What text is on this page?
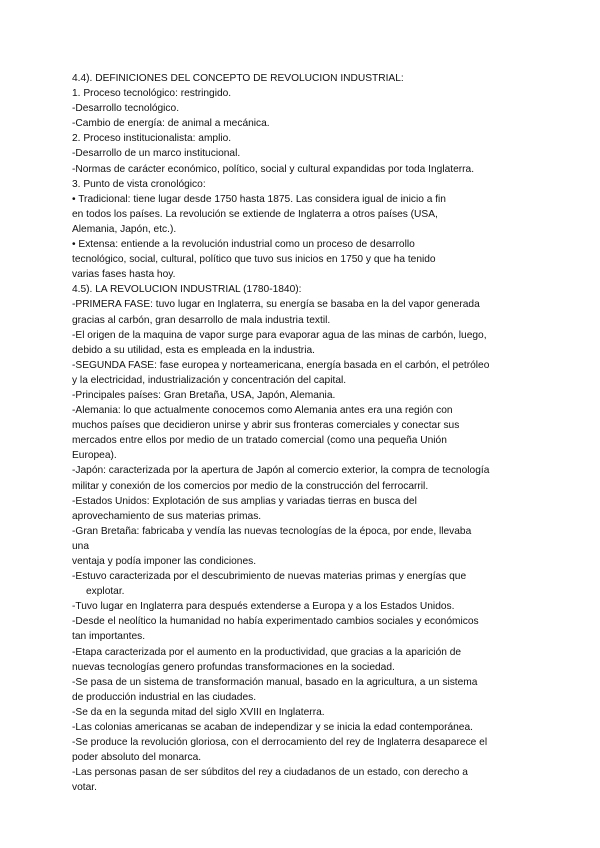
4.4). DEFINICIONES DEL CONCEPTO DE REVOLUCION INDUSTRIAL:
1. Proceso tecnológico: restringido.
-Desarrollo tecnológico.
-Cambio de energía: de animal a mecánica.
2. Proceso institucionalista: amplio.
-Desarrollo de un marco institucional.
-Normas de carácter económico, político, social y cultural expandidas por toda Inglaterra.
3. Punto de vista cronológico:
• Tradicional: tiene lugar desde 1750 hasta 1875. Las considera igual de inicio a fin
en todos los países. La revolución se extiende de Inglaterra a otros países (USA,
Alemania, Japón, etc.).
• Extensa: entiende a la revolución industrial como un proceso de desarrollo
tecnológico, social, cultural, político que tuvo sus inicios en 1750 y que ha tenido
varias fases hasta hoy.
4.5). LA REVOLUCION INDUSTRIAL (1780-1840):
-PRIMERA FASE: tuvo lugar en Inglaterra, su energía se basaba en la del vapor generada
gracias al carbón, gran desarrollo de mala industria textil.
-El origen de la maquina de vapor surge para evaporar agua de las minas de carbón, luego,
debido a su utilidad, esta es empleada en la industria.
-SEGUNDA FASE: fase europea y norteamericana, energía basada en el carbón, el petróleo
y la electricidad, industrialización y concentración del capital.
-Principales países: Gran Bretaña, USA, Japón, Alemania.
-Alemania: lo que actualmente conocemos como Alemania antes era una región con
muchos países que decidieron unirse y abrir sus fronteras comerciales y conectar sus
mercados entre ellos por medio de un tratado comercial (como una pequeña Unión
Europea).
-Japón: caracterizada por la apertura de Japón al comercio exterior, la compra de tecnología
militar y conexión de los comercios por medio de la construcción del ferrocarril.
-Estados Unidos: Explotación de sus amplias y variadas tierras en busca del
aprovechamiento de sus materias primas.
-Gran Bretaña: fabricaba y vendía las nuevas tecnologías de la época, por ende, llevaba
una
ventaja y podía imponer las condiciones.
-Estuvo caracterizada por el descubrimiento de nuevas materias primas y energías que
explotar.
-Tuvo lugar en Inglaterra para después extenderse a Europa y a los Estados Unidos.
-Desde el neolítico la humanidad no había experimentado cambios sociales y económicos
tan importantes.
-Etapa caracterizada por el aumento en la productividad, que gracias a la aparición de
nuevas tecnologías genero profundas transformaciones en la sociedad.
-Se pasa de un sistema de transformación manual, basado en la agricultura, a un sistema
de producción industrial en las ciudades.
-Se da en la segunda mitad del siglo XVIII en Inglaterra.
-Las colonias americanas se acaban de independizar y se inicia la edad contemporánea.
-Se produce la revolución gloriosa, con el derrocamiento del rey de Inglaterra desaparece el
poder absoluto del monarca.
-Las personas pasan de ser súbditos del rey a ciudadanos de un estado, con derecho a
votar.
